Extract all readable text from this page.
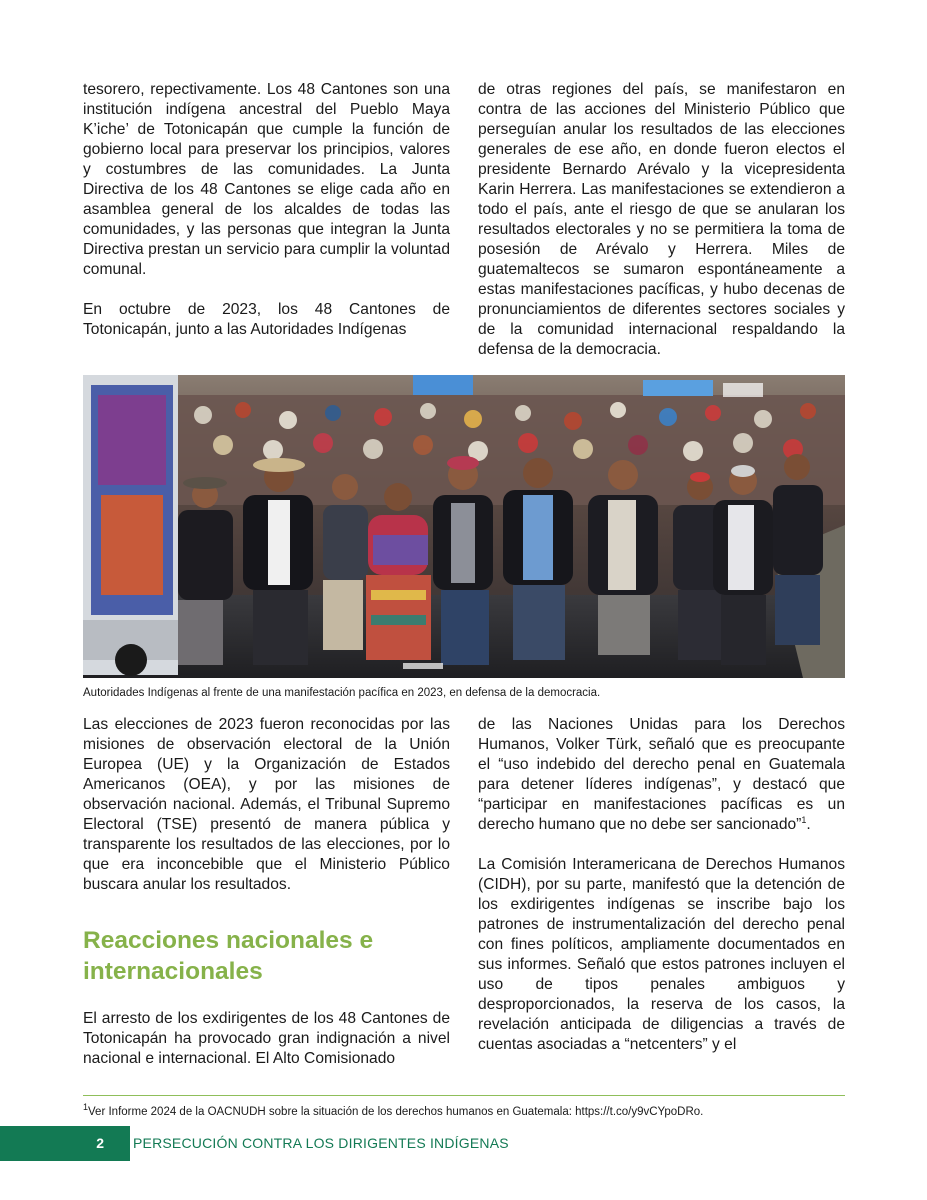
tesorero, repectivamente. Los 48 Cantones son una institución indígena ancestral del Pueblo Maya K’iche’ de Totonicapán que cumple la función de gobierno local para preservar los principios, valores y costumbres de las comunidades. La Junta Directiva de los 48 Cantones se elige cada año en asamblea general de los alcaldes de todas las comunidades, y las personas que integran la Junta Directiva prestan un servicio para cumplir la voluntad comunal.

En octubre de 2023, los 48 Cantones de Totonicapán, junto a las Autoridades Indígenas

de otras regiones del país, se manifestaron en contra de las acciones del Ministerio Público que perseguían anular los resultados de las elecciones generales de ese año, en donde fueron electos el presidente Bernardo Arévalo y la vicepresidenta Karin Herrera. Las manifestaciones se extendieron a todo el país, ante el riesgo de que se anularan los resultados electorales y no se permitiera la toma de posesión de Arévalo y Herrera. Miles de guatemaltecos se sumaron espontáneamente a estas manifestaciones pacíficas, y hubo decenas de pronunciamientos de diferentes sectores sociales y de la comunidad internacional respaldando la defensa de la democracia.

Autoridades Indígenas al frente de una manifestación pacífica en 2023, en defensa de la democracia.

Las elecciones de 2023 fueron reconocidas por las misiones de observación electoral de la Unión Europea (UE) y la Organización de Estados Americanos (OEA), y por las misiones de observación nacional. Además, el Tribunal Supremo Electoral (TSE) presentó de manera pública y transparente los resultados de las elecciones, por lo que era inconcebible que el Ministerio Público buscara anular los resultados.

Reacciones nacionales e internacionales

El arresto de los exdirigentes de los 48 Cantones de Totonicapán ha provocado gran indignación a nivel nacional e internacional. El Alto Comisionado

de las Naciones Unidas para los Derechos Humanos, Volker Türk, señaló que es preocupante el “uso indebido del derecho penal en Guatemala para detener líderes indígenas”, y destacó que “participar en manifestaciones pacíficas es un derecho humano que no debe ser sancionado”$^1$.

La Comisión Interamericana de Derechos Humanos (CIDH), por su parte, manifestó que la detención de los exdirigentes indígenas se inscribe bajo los patrones de instrumentalización del derecho penal con fines políticos, ampliamente documentados en sus informes. Señaló que estos patrones incluyen el uso de tipos penales ambiguos y desproporcionados, la reserva de los casos, la revelación anticipada de diligencias a través de cuentas asociadas a “netcenters” y el

$^1$Ver Informe 2024 de la OACNUDH sobre la situación de los derechos humanos en Guatemala: https://t.co/y9vCYpoDRo.
2	PERSECUCIÓN CONTRA LOS DIRIGENTES INDÍGENAS
